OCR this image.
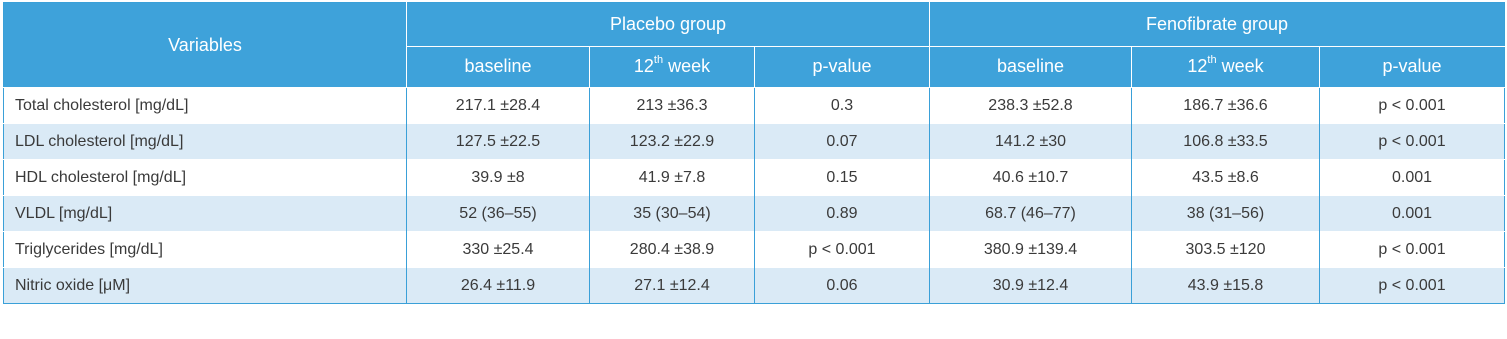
Variables	Placebo group			Fenofibrate group		
	baseline	12th week	p-value	baseline	12th week	p-value
Total cholesterol [mg/dL]	217.1 ±28.4	213 ±36.3	0.3	238.3 ±52.8	186.7 ±36.6	p < 0.001
LDL cholesterol [mg/dL]	127.5 ±22.5	123.2 ±22.9	0.07	141.2 ±30	106.8 ±33.5	p < 0.001
HDL cholesterol [mg/dL]	39.9 ±8	41.9 ±7.8	0.15	40.6 ±10.7	43.5 ±8.6	0.001
VLDL [mg/dL]	52 (36–55)	35 (30–54)	0.89	68.7 (46–77)	38 (31–56)	0.001
Triglycerides [mg/dL]	330 ±25.4	280.4 ±38.9	p < 0.001	380.9 ±139.4	303.5 ±120	p < 0.001
Nitric oxide [μM]	26.4 ±11.9	27.1 ±12.4	0.06	30.9 ±12.4	43.9 ±15.8	p < 0.001
